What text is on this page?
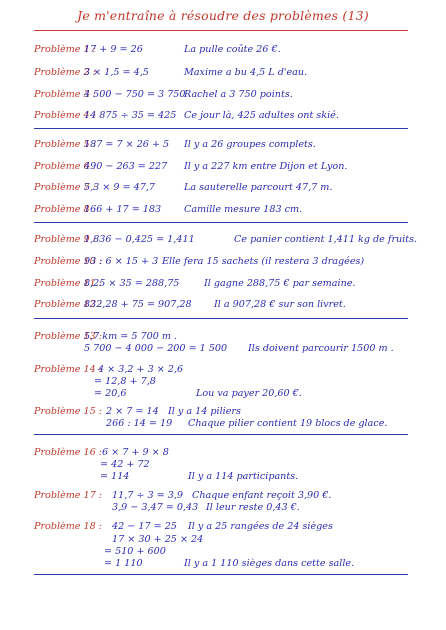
Je m'entraîne à résoudre des problèmes (13)
Problème 1 :
17 + 9 = 26	La pulle coûte 26 €.
Problème 2 :
3 × 1,5 = 4,5	Maxime a bu 4,5 L d'eau.
Problème 3 :
4 500 − 750 = 3 750
Rachel a 3 750 points.
Problème 4 :
14 875 ÷ 35 = 425 Ce jour là, 425 adultes ont skié.
Problème 5 :
187 = 7 × 26 + 5 Il y a 26 groupes complets.
Problème 6 :
490 − 263 = 227 Il y a 227 km entre Dijon et Lyon.
Problème 7 :
5,3 × 9 = 47,7	La sauterelle parcourt 47,7 m.
Problème 8 :
166 + 17 = 183 Camille mesure 183 cm.
Problème 9 :
1,836 − 0,425 = 1,411	Ce panier contient 1,411 kg de fruits.
Problème 10 :
93 : 6 × 15 + 3 Elle fera 15 sachets (il restera 3 dragées)
Problème 11 :
8,25 × 35 = 288,75	Il gagne 288,75 € par semaine.
Problème 12 :
832,28 + 75 = 907,28 Il a 907,28 € sur son livret.
Problème 13 :
5,7 km = 5 700 m .
5 700 − 4 000 − 200 = 1 500 Ils doivent parcourir 1500 m .
Problème 14 :
4 × 3,2 + 3 × 2,6
= 12,8 + 7,8
= 20,6	Lou va payer 20,60 €.
Problème 15 : 2 × 7 = 14 Il y a 14 piliers
266 : 14 = 19 Chaque pilier contient 19 blocs de glace.
Problème 16 : 6 × 7 + 9 × 8
= 42 + 72
= 114	Il y a 114 participants.
Problème 17 : 11,7 ÷ 3 = 3,9 Chaque enfant reçoit 3,90 €.
3,9 − 3,47 = 0,43 Il leur reste 0,43 €.
Problème 18 : 42 − 17 = 25 Il y a 25 rangées de 24 sièges
17 × 30 + 25 × 24
= 510 + 600
= 1 110	Il y a 1 110 sièges dans cette salle.
